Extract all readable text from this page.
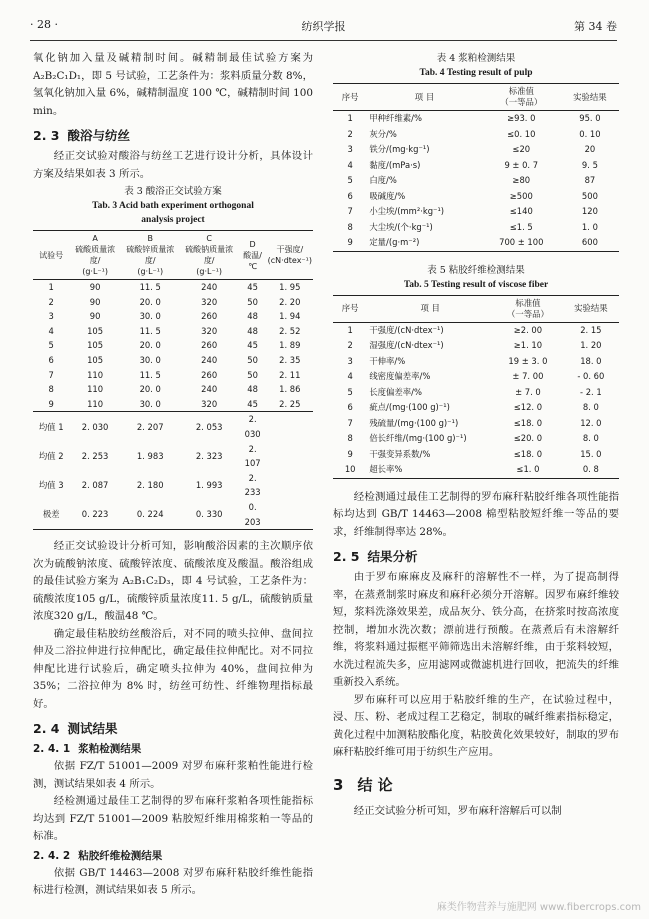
· 28 ·	纺织学报	第 34 卷

氧化钠加入量及碱精制时间。碱精制最佳试验方案为 A₂B₂C₁D₁，即 5 号试验，工艺条件为：浆料质量分数 8%，氢氧化钠加入量 6%，碱精制温度 100 ℃，碱精制时间 100 min。

2. 3 酸浴与纺丝

经正交试验对酸浴与纺丝工艺进行设计分析，具体设计方案及结果如表 3 所示。

表 3 酸浴正交试验方案
Tab. 3 Acid bath experiment orthogonal
analysis project
试验号	A
硫酸质量浓度/
(g·L⁻¹)	B
硫酸锌质量浓度/
(g·L⁻¹)	C
硫酸钠质量浓度/
(g·L⁻¹)	D
酸温/
℃	干强度/
(cN·dtex⁻¹)
1	90	11. 5	240	45	1. 95
2	90	20. 0	320	50	2. 20
3	90	30. 0	260	48	1. 94
4	105	11. 5	320	48	2. 52
5	105	20. 0	260	45	1. 89
6	105	30. 0	240	50	2. 35
7	110	11. 5	260	50	2. 11
8	110	20. 0	240	48	1. 86
9	110	30. 0	320	45	2. 25
均值 1	2. 030	2. 207	2. 053	2. 030	
均值 2	2. 253	1. 983	2. 323	2. 107	
均值 3	2. 087	2. 180	1. 993	2. 233	
极差	0. 223	0. 224	0. 330	0. 203	

经正交试验设计分析可知，影响酸浴因素的主次顺序依次为硫酸钠浓度、硫酸锌浓度、硫酸浓度及酸温。酸浴组成的最佳试验方案为 A₂B₁C₂D₃，即 4 号试验，工艺条件为：硫酸浓度105 g/L，硫酸锌质量浓度11. 5 g/L，硫酸钠质量浓度320 g/L，酸温48 ℃。

确定最佳粘胶纺丝酸浴后，对不同的喷头拉伸、盘间拉伸及二浴拉伸进行拉伸配比，确定最佳拉伸配比。对不同拉伸配比进行试验后，确定喷头拉伸为 40%，盘间拉伸为 35%；二浴拉伸为 8% 时，纺丝可纺性、纤维物理指标最好。

2. 4 测试结果
2. 4. 1 浆粕检测结果

依据 FZ/T 51001—2009 对罗布麻秆浆粕性能进行检测，测试结果如表 4 所示。

经检测通过最佳工艺制得的罗布麻秆浆粕各项性能指标均达到 FZ/T 51001—2009 粘胶短纤维用棉浆粕一等品的标准。

2. 4. 2 粘胶纤维检测结果

依据 GB/T 14463—2008 对罗布麻秆粘胶纤维性能指标进行检测，测试结果如表 5 所示。

表 4 浆粕检测结果
Tab. 4 Testing result of pulp
序号	项 目	标准值
（一等品）	实验结果
1	甲种纤维素/%	≥93. 0	95. 0
2	灰分/%	≤0. 10	0. 10
3	铁分/(mg·kg⁻¹)	≤20	20
4	黏度/(mPa·s)	9 ± 0. 7	9. 5
5	白度/%	≥80	87
6	吸碱度/%	≥500	500
7	小尘埃/(mm²·kg⁻¹)	≤140	120
8	大尘埃/(个·kg⁻¹)	≤1. 5	1. 0
9	定量/(g·m⁻²)	700 ± 100	600
表 5 粘胶纤维检测结果
Tab. 5 Testing result of viscose fiber
序号	项 目	标准值
（一等品）	实验结果
1	干强度/(cN·dtex⁻¹)	≥2. 00	2. 15
2	湿强度/(cN·dtex⁻¹)	≥1. 10	1. 20
3	干伸率/%	19 ± 3. 0	18. 0
4	线密度偏差率/%	± 7. 00	- 0. 60
5	长度偏差率/%	± 7. 0	- 2. 1
6	疵点/(mg·(100 g)⁻¹)	≤12. 0	8. 0
7	残硫量/(mg·(100 g)⁻¹)	≤18. 0	12. 0
8	倍长纤维/(mg·(100 g)⁻¹)	≤20. 0	8. 0
9	干强变异系数/%	≤18. 0	15. 0
10	超长率%	≤1. 0	0. 8

经检测通过最佳工艺制得的罗布麻秆粘胶纤维各项性能指标均达到 GB/T 14463—2008 棉型粘胶短纤维一等品的要求，纤维制得率达 28%。

2. 5 结果分析

由于罗布麻麻皮及麻秆的溶解性不一样，为了提高制得率，在蒸煮制浆时麻皮和麻秆必须分开溶解。因罗布麻纤维较短，浆料洗涤效果差，成品灰分、铁分高，在挤浆时按高浓度控制，增加水洗次数；漂前进行预酸。在蒸煮后有未溶解纤维，将浆料通过振框平筛筛选出未溶解纤维，由于浆料较短，水洗过程流失多，应用滤网或微滤机进行回收，把流失的纤维重新投入系统。

罗布麻秆可以应用于粘胶纤维的生产，在试验过程中，浸、压、粉、老成过程工艺稳定，制取的碱纤维素指标稳定，黄化过程中加测粘胶酯化度，粘胶黄化效果较好，制取的罗布麻秆粘胶纤维可用于纺织生产应用。

3 结 论

经正交试验分析可知，罗布麻秆溶解后可以制

麻类作物营养与施肥网 www.fibercrops.com
